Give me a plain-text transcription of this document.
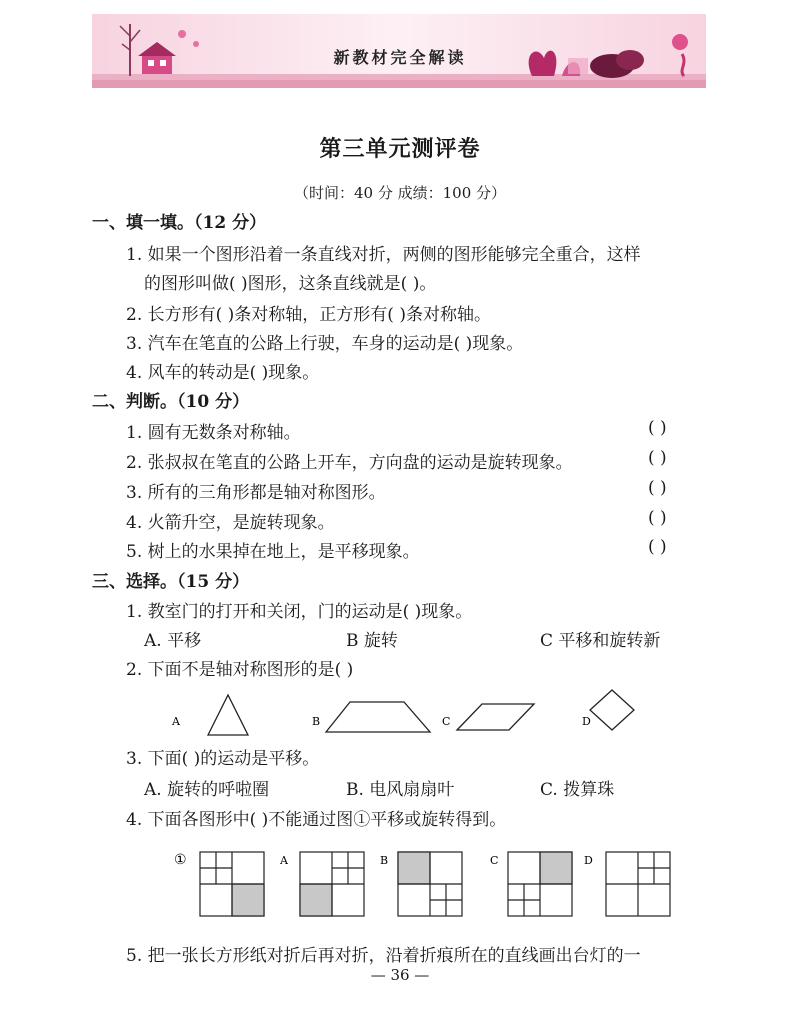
新教材完全解读
第三单元测评卷
（时间：40 分 成绩：100 分）
一、填一填。（12 分）
1. 如果一个图形沿着一条直线对折，两侧的图形能够完全重合，这样
的图形叫做( )图形，这条直线就是( )。
2. 长方形有( )条对称轴，正方形有( )条对称轴。
3. 汽车在笔直的公路上行驶，车身的运动是( )现象。
4. 风车的转动是( )现象。
二、判断。（10 分）
1. 圆有无数条对称轴。	( )
2. 张叔叔在笔直的公路上开车，方向盘的运动是旋转现象。	( )
3. 所有的三角形都是轴对称图形。	( )
4. 火箭升空，是旋转现象。	( )
5. 树上的水果掉在地上，是平移现象。	( )
三、选择。（15 分）
1. 教室门的打开和关闭，门的运动是( )现象。
A. 平移	B 旋转	C 平移和旋转新
2. 下面不是轴对称图形的是( )
A	B	C	D
3. 下面( )的运动是平移。
A. 旋转的呼啦圈	B. 电风扇扇叶	C. 拨算珠
4. 下面各图形中( )不能通过图①平移或旋转得到。
①	A	B	C	D
5. 把一张长方形纸对折后再对折，沿着折痕所在的直线画出台灯的一
— 36 —
